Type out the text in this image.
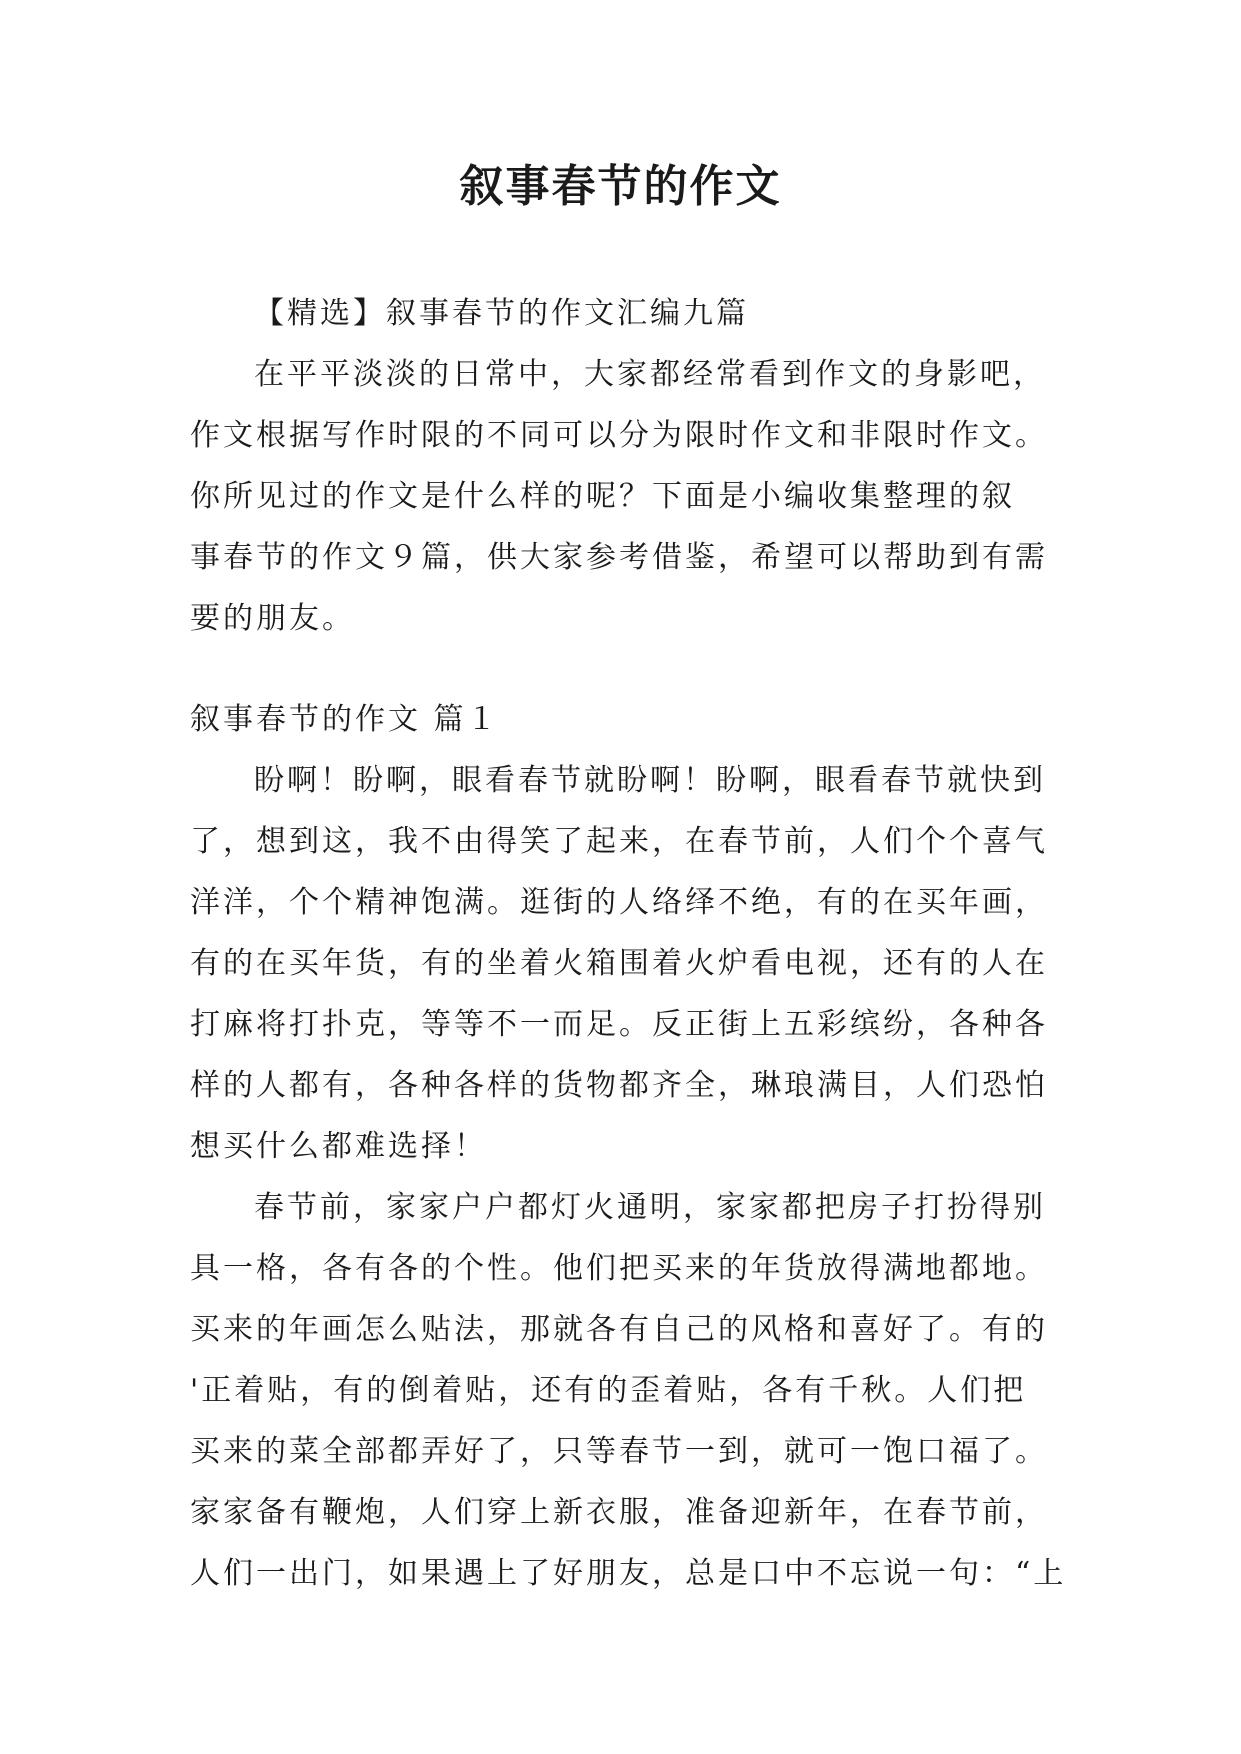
叙事春节的作文
【精选】叙事春节的作文汇编九篇
在平平淡淡的日常中，大家都经常看到作文的身影吧，
作文根据写作时限的不同可以分为限时作文和非限时作文。
你所见过的作文是什么样的呢？下面是小编收集整理的叙
事春节的作文９篇，供大家参考借鉴，希望可以帮助到有需
要的朋友。
叙事春节的作文 篇１
盼啊！盼啊，眼看春节就盼啊！盼啊，眼看春节就快到
了，想到这，我不由得笑了起来，在春节前，人们个个喜气
洋洋，个个精神饱满。逛街的人络绎不绝，有的在买年画，
有的在买年货，有的坐着火箱围着火炉看电视，还有的人在
打麻将打扑克，等等不一而足。反正街上五彩缤纷，各种各
样的人都有，各种各样的货物都齐全，琳琅满目，人们恐怕
想买什么都难选择！
春节前，家家户户都灯火通明，家家都把房子打扮得别
具一格，各有各的个性。他们把买来的年货放得满地都地。
买来的年画怎么贴法，那就各有自己的风格和喜好了。有的
'正着贴，有的倒着贴，还有的歪着贴，各有千秋。人们把
买来的菜全部都弄好了，只等春节一到，就可一饱口福了。
家家备有鞭炮，人们穿上新衣服，准备迎新年，在春节前，
人们一出门，如果遇上了好朋友，总是口中不忘说一句：“上
